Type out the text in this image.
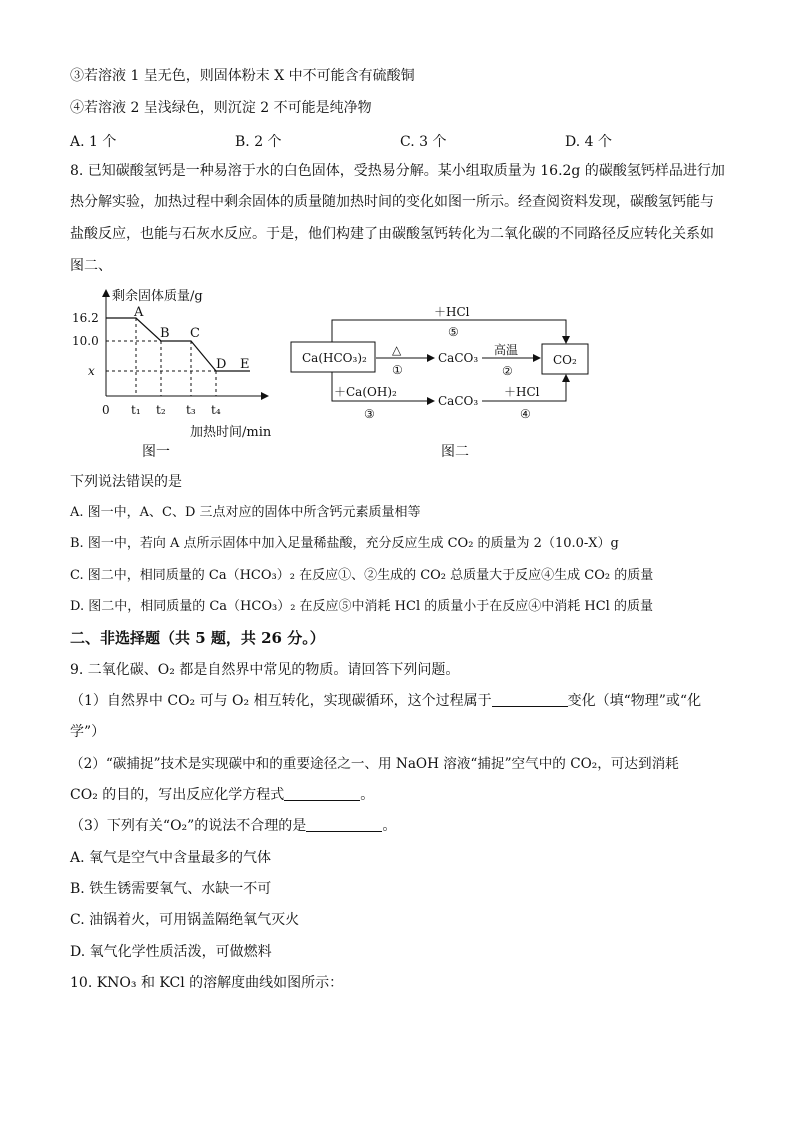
③若溶液 1 呈无色，则固体粉末 X 中不可能含有硫酸铜
④若溶液 2 呈浅绿色，则沉淀 2 不可能是纯净物
A. 1 个	B. 2 个	C. 3 个	D. 4 个
8. 已知碳酸氢钙是一种易溶于水的白色固体，受热易分解。某小组取质量为 16.2g 的碳酸氢钙样品进行加
热分解实验，加热过程中剩余固体的质量随加热时间的变化如图一所示。经查阅资料发现，碳酸氢钙能与
盐酸反应，也能与石灰水反应。于是，他们构建了由碳酸氢钙转化为二氧化碳的不同路径反应转化关系如
图二、
剩余固体质量/g
16.2
10.0
x
0 t₁ t₂ t₃ t₄
A
B C
D E
加热时间/min
图一
Ca(HCO₃)₂	CO₂
＋HCl
⑤
△
①
CaCO₃
高温
②
＋Ca(OH)₂
③
CaCO₃
＋HCl
④
图二
下列说法错误的是
A. 图一中，A、C、D 三点对应的固体中所含钙元素质量相等
B. 图一中，若向 A 点所示固体中加入足量稀盐酸，充分反应生成 CO₂ 的质量为 2（10.0-X）g
C. 图二中，相同质量的 Ca（HCO₃）₂ 在反应①、②生成的 CO₂ 总质量大于反应④生成 CO₂ 的质量
D. 图二中，相同质量的 Ca（HCO₃）₂ 在反应⑤中消耗 HCl 的质量小于在反应④中消耗 HCl 的质量
二、非选择题（共 5 题，共 26 分。）
9. 二氧化碳、O₂ 都是自然界中常见的物质。请回答下列问题。
（1）自然界中 CO₂ 可与 O₂ 相互转化，实现碳循环，这个过程属于	变化（填“物理”或“化
学”）
（2）“碳捕捉”技术是实现碳中和的重要途径之一、用 NaOH 溶液“捕捉”空气中的 CO₂，可达到消耗
CO₂ 的目的，写出反应化学方程式	。
（3）下列有关“O₂”的说法不合理的是	。
A. 氧气是空气中含量最多的气体
B. 铁生锈需要氧气、水缺一不可
C. 油锅着火，可用锅盖隔绝氧气灭火
D. 氧气化学性质活泼，可做燃料
10. KNO₃ 和 KCl 的溶解度曲线如图所示：
